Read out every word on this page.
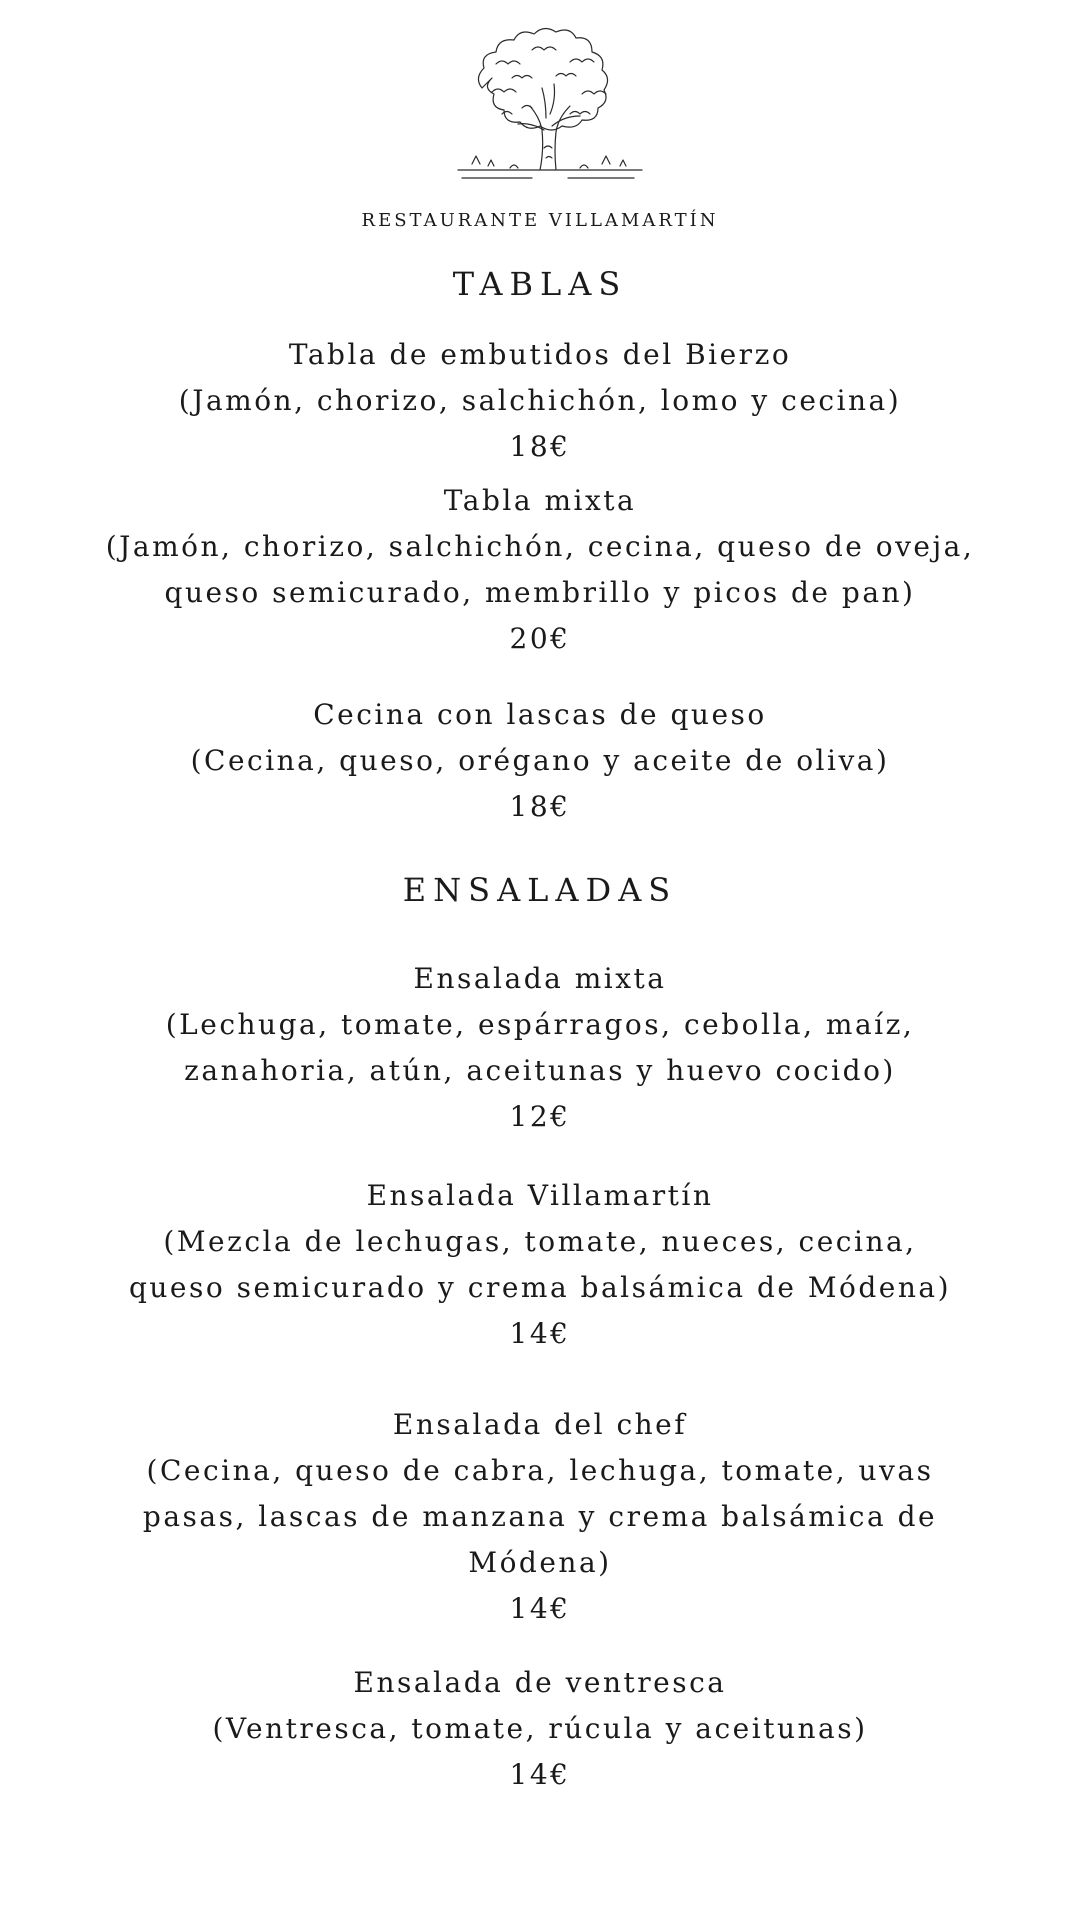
RESTAURANTE VILLAMARTÍN
TABLAS
Tabla de embutidos del Bierzo
(Jamón, chorizo, salchichón, lomo y cecina)
18€
Tabla mixta
(Jamón, chorizo, salchichón, cecina, queso de oveja,
queso semicurado, membrillo y picos de pan)
20€
Cecina con lascas de queso
(Cecina, queso, orégano y aceite de oliva)
18€
ENSALADAS
Ensalada mixta
(Lechuga, tomate, espárragos, cebolla, maíz,
zanahoria, atún, aceitunas y huevo cocido)
12€
Ensalada Villamartín
(Mezcla de lechugas, tomate, nueces, cecina,
queso semicurado y crema balsámica de Módena)
14€
Ensalada del chef
(Cecina, queso de cabra, lechuga, tomate, uvas
pasas, lascas de manzana y crema balsámica de
Módena)
14€
Ensalada de ventresca
(Ventresca, tomate, rúcula y aceitunas)
14€
